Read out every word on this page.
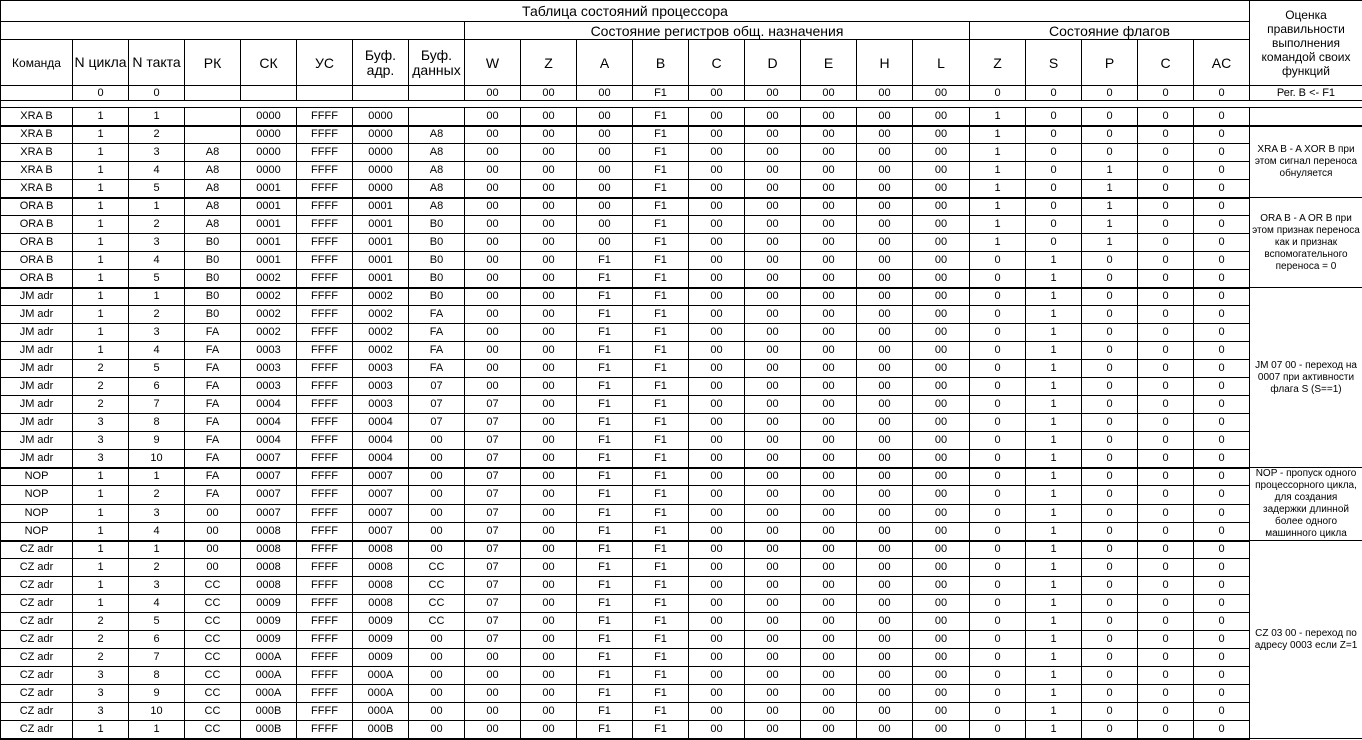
Таблица состояний процессора																						Оценка правильности выполнения командой своих функций
								Состояние регистров общ. назначения									Состояние флагов					
Команда	N цикла	N такта	РК	СК	УС	Буф. адр.	Буф. данных	W	Z	A	B	C	D	E	H	L	Z	S	P	C	AC	
	0	0						00	00	00	F1	00	00	00	00	00	0	0	0	0	0	Рег. B <- F1

XRA B	1	1		0000	FFFF	0000		00	00	00	F1	00	00	00	00	00	1	0	0	0	0	
XRA B	1	2		0000	FFFF	0000	A8	00	00	00	F1	00	00	00	00	00	1	0	0	0	0	XRA B - A XOR B при этом сигнал переноса обнуляется
XRA B	1	3	A8	0000	FFFF	0000	A8	00	00	00	F1	00	00	00	00	00	1	0	0	0	0	
XRA B	1	4	A8	0000	FFFF	0000	A8	00	00	00	F1	00	00	00	00	00	1	0	1	0	0	
XRA B	1	5	A8	0001	FFFF	0000	A8	00	00	00	F1	00	00	00	00	00	1	0	1	0	0	
ORA B	1	1	A8	0001	FFFF	0001	A8	00	00	00	F1	00	00	00	00	00	1	0	1	0	0	ORA B - A OR B при этом признак переноса как и признак вспомогательного переноса = 0
ORA B	1	2	A8	0001	FFFF	0001	B0	00	00	00	F1	00	00	00	00	00	1	0	1	0	0	
ORA B	1	3	B0	0001	FFFF	0001	B0	00	00	00	F1	00	00	00	00	00	1	0	1	0	0	
ORA B	1	4	B0	0001	FFFF	0001	B0	00	00	F1	F1	00	00	00	00	00	0	1	0	0	0	
ORA B	1	5	B0	0002	FFFF	0001	B0	00	00	F1	F1	00	00	00	00	00	0	1	0	0	0	
JM adr	1	1	B0	0002	FFFF	0002	B0	00	00	F1	F1	00	00	00	00	00	0	1	0	0	0	JM 07 00 - переход на 0007 при активности флага S (S==1)
JM adr	1	2	B0	0002	FFFF	0002	FA	00	00	F1	F1	00	00	00	00	00	0	1	0	0	0	
JM adr	1	3	FA	0002	FFFF	0002	FA	00	00	F1	F1	00	00	00	00	00	0	1	0	0	0	
JM adr	1	4	FA	0003	FFFF	0002	FA	00	00	F1	F1	00	00	00	00	00	0	1	0	0	0	
JM adr	2	5	FA	0003	FFFF	0003	FA	00	00	F1	F1	00	00	00	00	00	0	1	0	0	0	
JM adr	2	6	FA	0003	FFFF	0003	07	00	00	F1	F1	00	00	00	00	00	0	1	0	0	0	
JM adr	2	7	FA	0004	FFFF	0003	07	07	00	F1	F1	00	00	00	00	00	0	1	0	0	0	
JM adr	3	8	FA	0004	FFFF	0004	07	07	00	F1	F1	00	00	00	00	00	0	1	0	0	0	
JM adr	3	9	FA	0004	FFFF	0004	00	07	00	F1	F1	00	00	00	00	00	0	1	0	0	0	
JM adr	3	10	FA	0007	FFFF	0004	00	07	00	F1	F1	00	00	00	00	00	0	1	0	0	0	
NOP	1	1	FA	0007	FFFF	0007	00	07	00	F1	F1	00	00	00	00	00	0	1	0	0	0	NOP - пропуск одного процессорного цикла, для создания задержки длинной более одного машинного цикла
NOP	1	2	FA	0007	FFFF	0007	00	07	00	F1	F1	00	00	00	00	00	0	1	0	0	0	
NOP	1	3	00	0007	FFFF	0007	00	07	00	F1	F1	00	00	00	00	00	0	1	0	0	0	
NOP	1	4	00	0008	FFFF	0007	00	07	00	F1	F1	00	00	00	00	00	0	1	0	0	0	
CZ adr	1	1	00	0008	FFFF	0008	00	07	00	F1	F1	00	00	00	00	00	0	1	0	0	0	CZ 03 00 - переход по адресу 0003 если Z=1
CZ adr	1	2	00	0008	FFFF	0008	CC	07	00	F1	F1	00	00	00	00	00	0	1	0	0	0	
CZ adr	1	3	CC	0008	FFFF	0008	CC	07	00	F1	F1	00	00	00	00	00	0	1	0	0	0	
CZ adr	1	4	CC	0009	FFFF	0008	CC	07	00	F1	F1	00	00	00	00	00	0	1	0	0	0	
CZ adr	2	5	CC	0009	FFFF	0009	CC	07	00	F1	F1	00	00	00	00	00	0	1	0	0	0	
CZ adr	2	6	CC	0009	FFFF	0009	00	07	00	F1	F1	00	00	00	00	00	0	1	0	0	0	
CZ adr	2	7	CC	000A	FFFF	0009	00	00	00	F1	F1	00	00	00	00	00	0	1	0	0	0	
CZ adr	3	8	CC	000A	FFFF	000A	00	00	00	F1	F1	00	00	00	00	00	0	1	0	0	0	
CZ adr	3	9	CC	000A	FFFF	000A	00	00	00	F1	F1	00	00	00	00	00	0	1	0	0	0	
CZ adr	3	10	CC	000B	FFFF	000A	00	00	00	F1	F1	00	00	00	00	00	0	1	0	0	0	
CZ adr	1	1	CC	000B	FFFF	000B	00	00	00	F1	F1	00	00	00	00	00	0	1	0	0	0	
